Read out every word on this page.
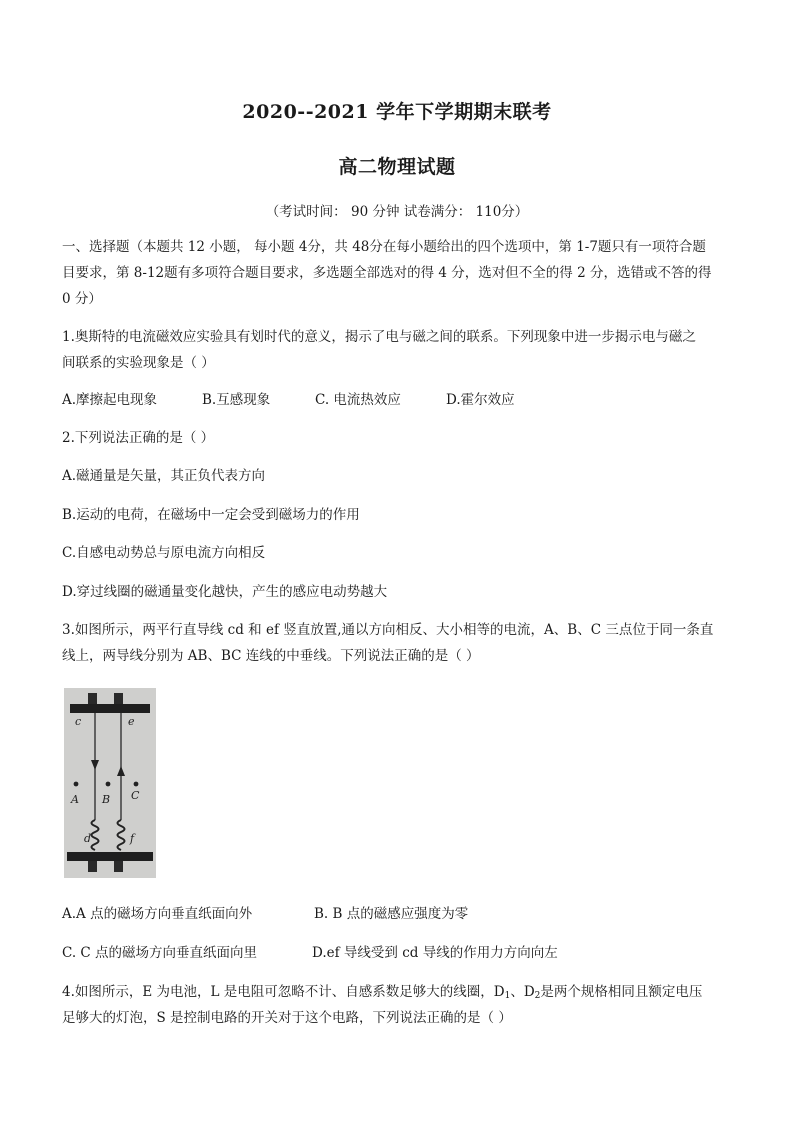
2020--2021 学年下学期期末联考
高二物理试题
（考试时间： 90 分钟 试卷满分： 110分）
一、选择题（本题共 12 小题， 每小题 4分，共 48分在每小题给出的四个选项中，第 1-7题只有一项符合题
目要求，第 8-12题有多项符合题目要求，多选题全部选对的得 4 分，选对但不全的得 2 分，选错或不答的得
0 分）
1.奥斯特的电流磁效应实验具有划时代的意义，揭示了电与磁之间的联系。下列现象中进一步揭示电与磁之
间联系的实验现象是（ ）
A.摩擦起电现象	B.互感现象	C. 电流热效应	D.霍尔效应
2.下列说法正确的是（ ）
A.磁通量是矢量，其正负代表方向
B.运动的电荷，在磁场中一定会受到磁场力的作用
C.自感电动势总与原电流方向相反
D.穿过线圈的磁通量变化越快，产生的感应电动势越大
3.如图所示，两平行直导线 cd 和 ef 竖直放置,通以方向相反、大小相等的电流，A、B、C 三点位于同一条直
线上，两导线分别为 AB、BC 连线的中垂线。下列说法正确的是（ ）
c	e
A B C
d	f
A.A 点的磁场方向垂直纸面向外	B. B 点的磁感应强度为零
C. C 点的磁场方向垂直纸面向里	D.ef 导线受到 cd 导线的作用力方向向左
4.如图所示，E 为电池，L 是电阻可忽略不计、自感系数足够大的线圈，$D_1$、$D_2$是两个规格相同且额定电压
足够大的灯泡，S 是控制电路的开关对于这个电路，下列说法正确的是（ ）
